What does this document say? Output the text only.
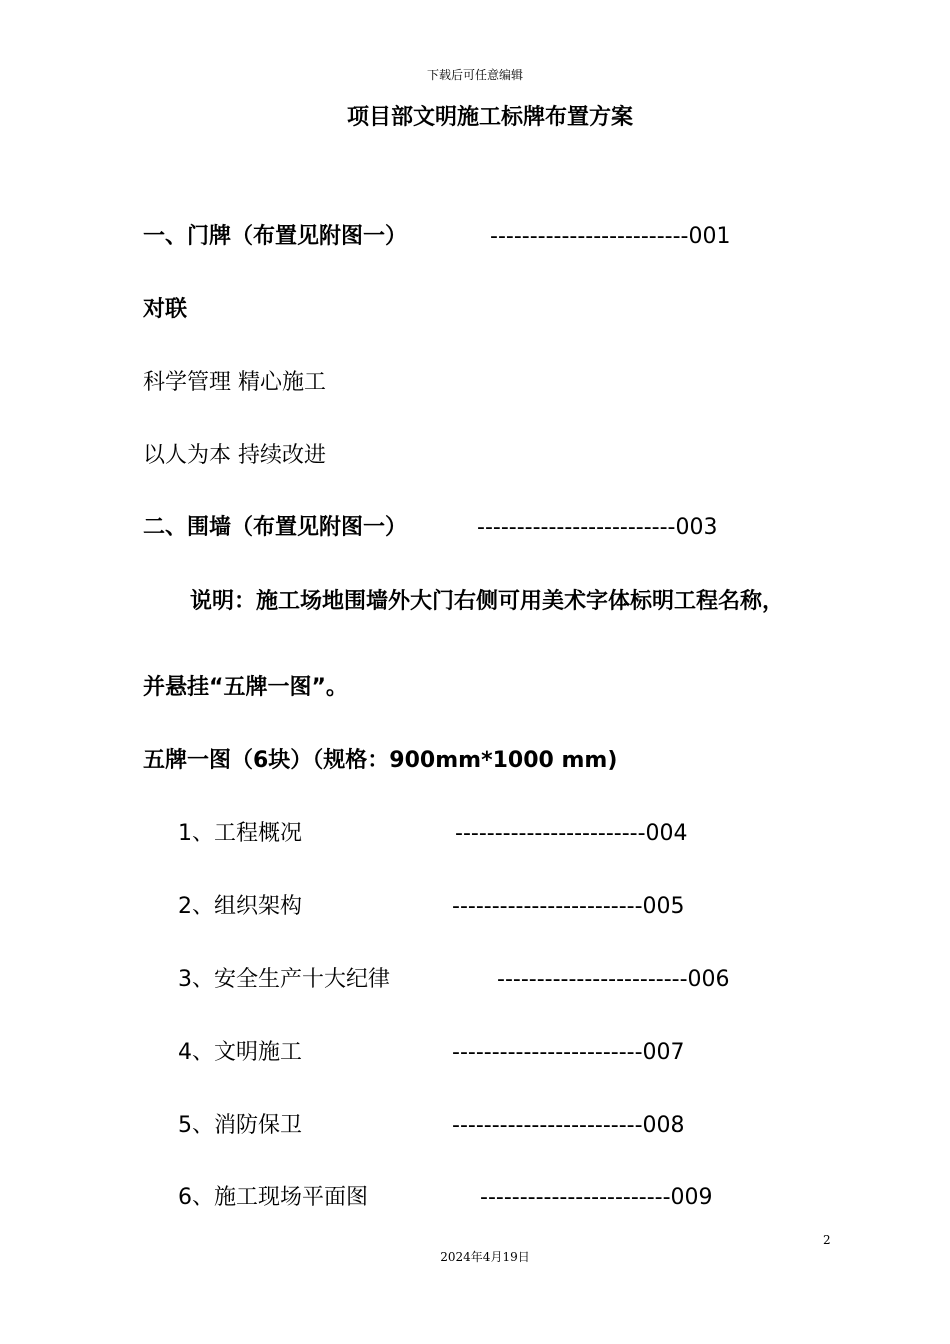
下载后可任意编辑
项目部文明施工标牌布置方案
一、门牌（布置见附图一）	-------------------------001
对联
科学管理 精心施工
以人为本 持续改进
二、围墙（布置见附图一）	-------------------------003
说明：施工场地围墙外大门右侧可用美术字体标明工程名称，
并悬挂“五牌一图”。
五牌一图（6块）（规格：900mm*1000 mm)
1、工程概况	------------------------004
2、组织架构	------------------------005
3、安全生产十大纪律	------------------------006
4、文明施工	------------------------007
5、消防保卫	------------------------008
6、施工现场平面图	------------------------009
2
2024年4月19日
